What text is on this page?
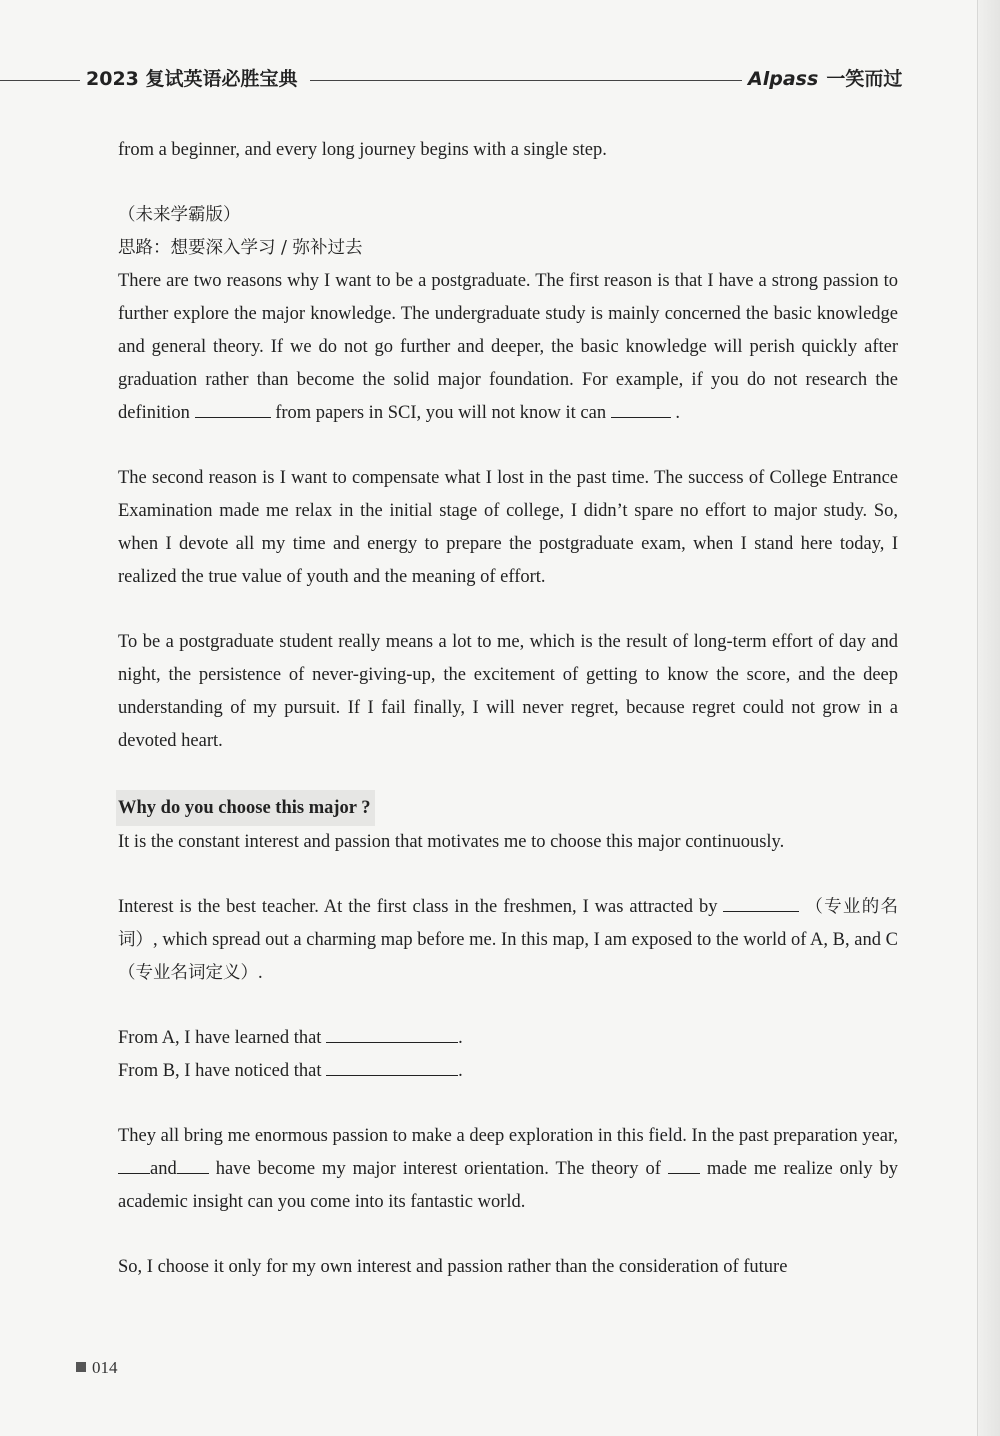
2023 复试英语必胜宝典	Alpass 一笑而过

from a beginner, and every long journey begins with a single step.

（未来学霸版）

思路：想要深入学习 / 弥补过去

There are two reasons why I want to be a postgraduate. The first reason is that I have a strong passion to further explore the major knowledge. The undergraduate study is mainly concerned the basic knowledge and general theory. If we do not go further and deeper, the basic knowledge will perish quickly after graduation rather than become the solid major foundation. For example, if you do not research the definition	from papers in SCI, you will not know it can	.

The second reason is I want to compensate what I lost in the past time. The success of College Entrance Examination made me relax in the initial stage of college, I didn’t spare no effort to major study. So, when I devote all my time and energy to prepare the postgraduate exam, when I stand here today, I realized the true value of youth and the meaning of effort.

To be a postgraduate student really means a lot to me, which is the result of long-term effort of day and night, the persistence of never-giving-up, the excitement of getting to know the score, and the deep understanding of my pursuit. If I fail finally, I will never regret, because regret could not grow in a devoted heart.

Why do you choose this major ?

It is the constant interest and passion that motivates me to choose this major continuously.

Interest is the best teacher. At the first class in the freshmen, I was attracted by	（专业的名词）, which spread out a charming map before me. In this map, I am exposed to the world of A, B, and C （专业名词定义）.

From A, I have learned that	.

From B, I have noticed that	.

They all bring me enormous passion to make a deep exploration in this field. In the past preparation year, and have become my major interest orientation. The theory of made me realize only by academic insight can you come into its fantastic world.

So, I choose it only for my own interest and passion rather than the consideration of future

014
